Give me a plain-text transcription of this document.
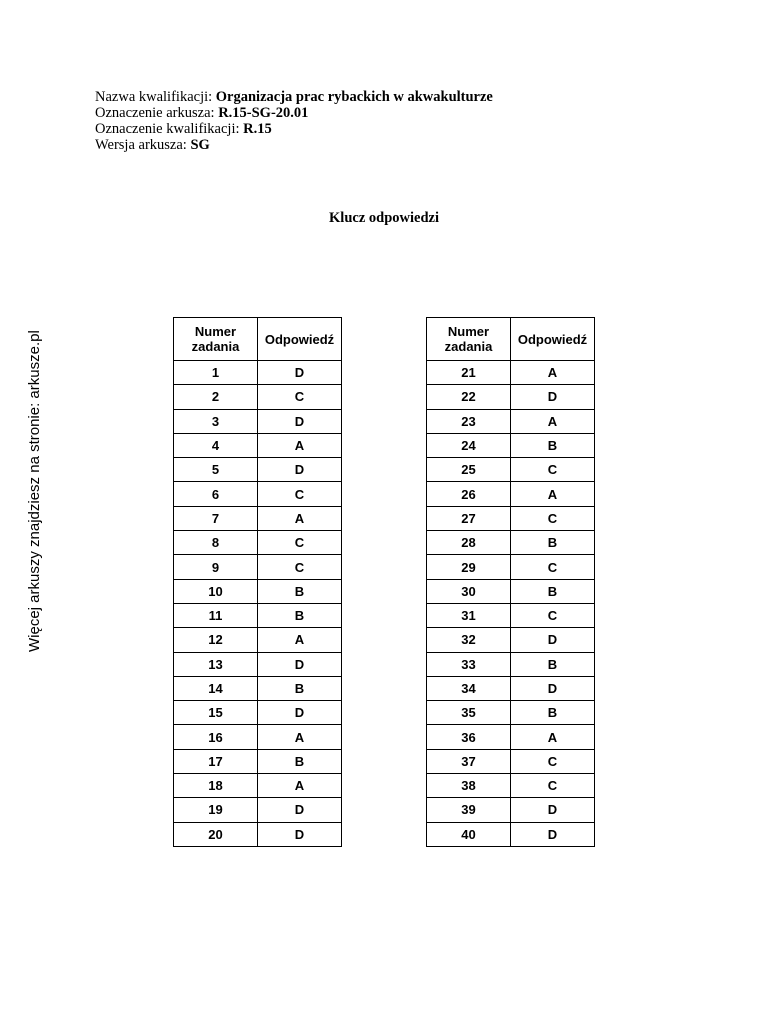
Nazwa kwalifikacji: Organizacja prac rybackich w akwakulturze
Oznaczenie arkusza: R.15-SG-20.01
Oznaczenie kwalifikacji: R.15
Wersja arkusza: SG
Klucz odpowiedzi
Więcej arkuszy znajdziesz na stronie: arkusze.pl	Numer
zadania	Odpowiedź
1	D
2	C
3	D
4	A
5	D
6	C
7	A
8	C
9	C
10	B
11	B
12	A
13	D
14	B
15	D
16	A
17	B
18	A
19	D
20	D
Numer
zadania	Odpowiedź
21	A
22	D
23	A
24	B
25	C
26	A
27	C
28	B
29	C
30	B
31	C
32	D
33	B
34	D
35	B
36	A
37	C
38	C
39	D
40	D
